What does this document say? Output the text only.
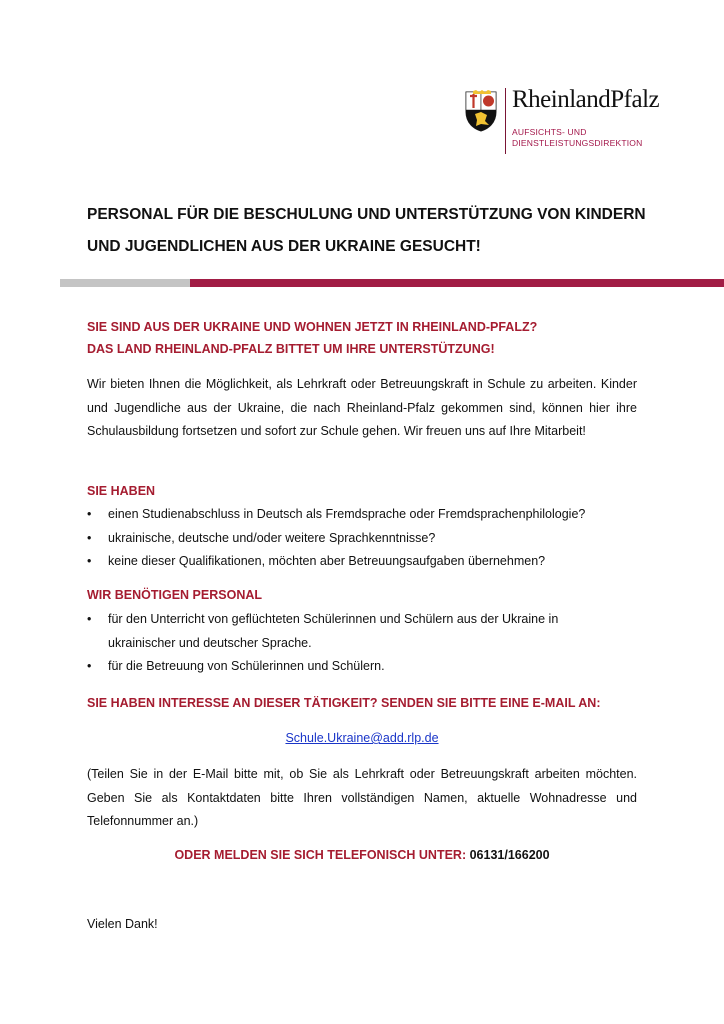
RheinlandPfalz
AUFSICHTS- UND
DIENSTLEISTUNGSDIREKTION
PERSONAL FÜR DIE BESCHULUNG UND UNTERSTÜTZUNG VON KINDERN UND JUGENDLICHEN AUS DER UKRAINE GESUCHT!
SIE SIND AUS DER UKRAINE UND WOHNEN JETZT IN RHEINLAND-PFALZ?
DAS LAND RHEINLAND-PFALZ BITTET UM IHRE UNTERSTÜTZUNG!
Wir bieten Ihnen die Möglichkeit, als Lehrkraft oder Betreuungskraft in Schule zu arbeiten. Kinder und Jugendliche aus der Ukraine, die nach Rheinland-Pfalz gekommen sind, können hier ihre Schulausbildung fortsetzen und sofort zur Schule gehen. Wir freuen uns auf Ihre Mitarbeit!
SIE HABEN
• einen Studienabschluss in Deutsch als Fremdsprache oder Fremdsprachenphilologie?
• ukrainische, deutsche und/oder weitere Sprachkenntnisse?
• keine dieser Qualifikationen, möchten aber Betreuungsaufgaben übernehmen?
WIR BENÖTIGEN PERSONAL
• für den Unterricht von geflüchteten Schülerinnen und Schülern aus der Ukraine in ukrainischer und deutscher Sprache.
• für die Betreuung von Schülerinnen und Schülern.
SIE HABEN INTERESSE AN DIESER TÄTIGKEIT? SENDEN SIE BITTE EINE E-MAIL AN:
Schule.Ukraine@add.rlp.de
(Teilen Sie in der E-Mail bitte mit, ob Sie als Lehrkraft oder Betreuungskraft arbeiten möchten. Geben Sie als Kontaktdaten bitte Ihren vollständigen Namen, aktuelle Wohnadresse und Telefonnummer an.)
ODER MELDEN SIE SICH TELEFONISCH UNTER: 06131/166200
Vielen Dank!
